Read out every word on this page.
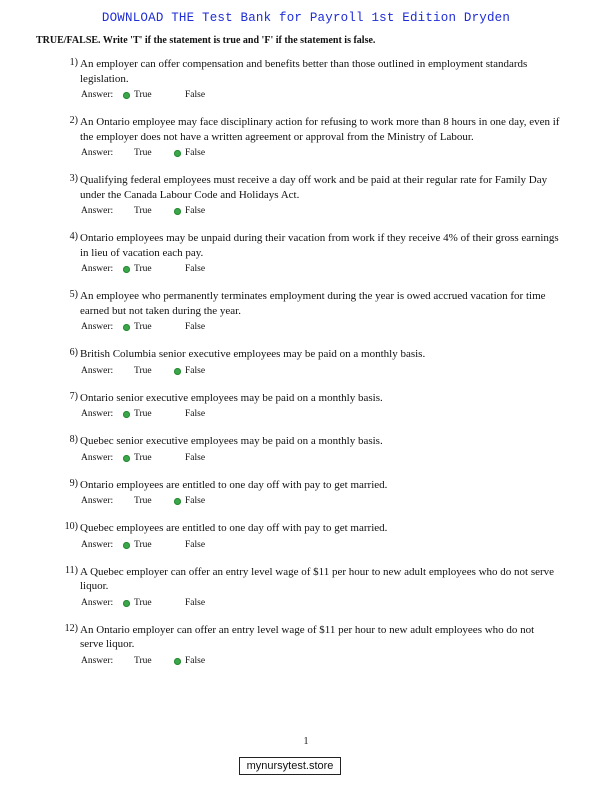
DOWNLOAD THE Test Bank for Payroll 1st Edition Dryden
TRUE/FALSE. Write 'T' if the statement is true and 'F' if the statement is false.
1) An employer can offer compensation and benefits better than those outlined in employment standards legislation.
Answer: True	False
2) An Ontario employee may face disciplinary action for refusing to work more than 8 hours in one day, even if the employer does not have a written agreement or approval from the Ministry of Labour.
Answer: True	False
3) Qualifying federal employees must receive a day off work and be paid at their regular rate for Family Day under the Canada Labour Code and Holidays Act.
Answer: True	False
4) Ontario employees may be unpaid during their vacation from work if they receive 4% of their gross earnings in lieu of vacation each pay.
Answer: True	False
5) An employee who permanently terminates employment during the year is owed accrued vacation for time earned but not taken during the year.
Answer: True	False
6) British Columbia senior executive employees may be paid on a monthly basis.
Answer: True	False
7) Ontario senior executive employees may be paid on a monthly basis.
Answer: True	False
8) Quebec senior executive employees may be paid on a monthly basis.
Answer: True	False
9) Ontario employees are entitled to one day off with pay to get married.
Answer: True	False
10) Quebec employees are entitled to one day off with pay to get married.
Answer: True	False
11) A Quebec employer can offer an entry level wage of $11 per hour to new adult employees who do not serve liquor.
Answer: True	False
12) An Ontario employer can offer an entry level wage of $11 per hour to new adult employees who do not serve liquor.
Answer: True	False
1
mynursytest.store
